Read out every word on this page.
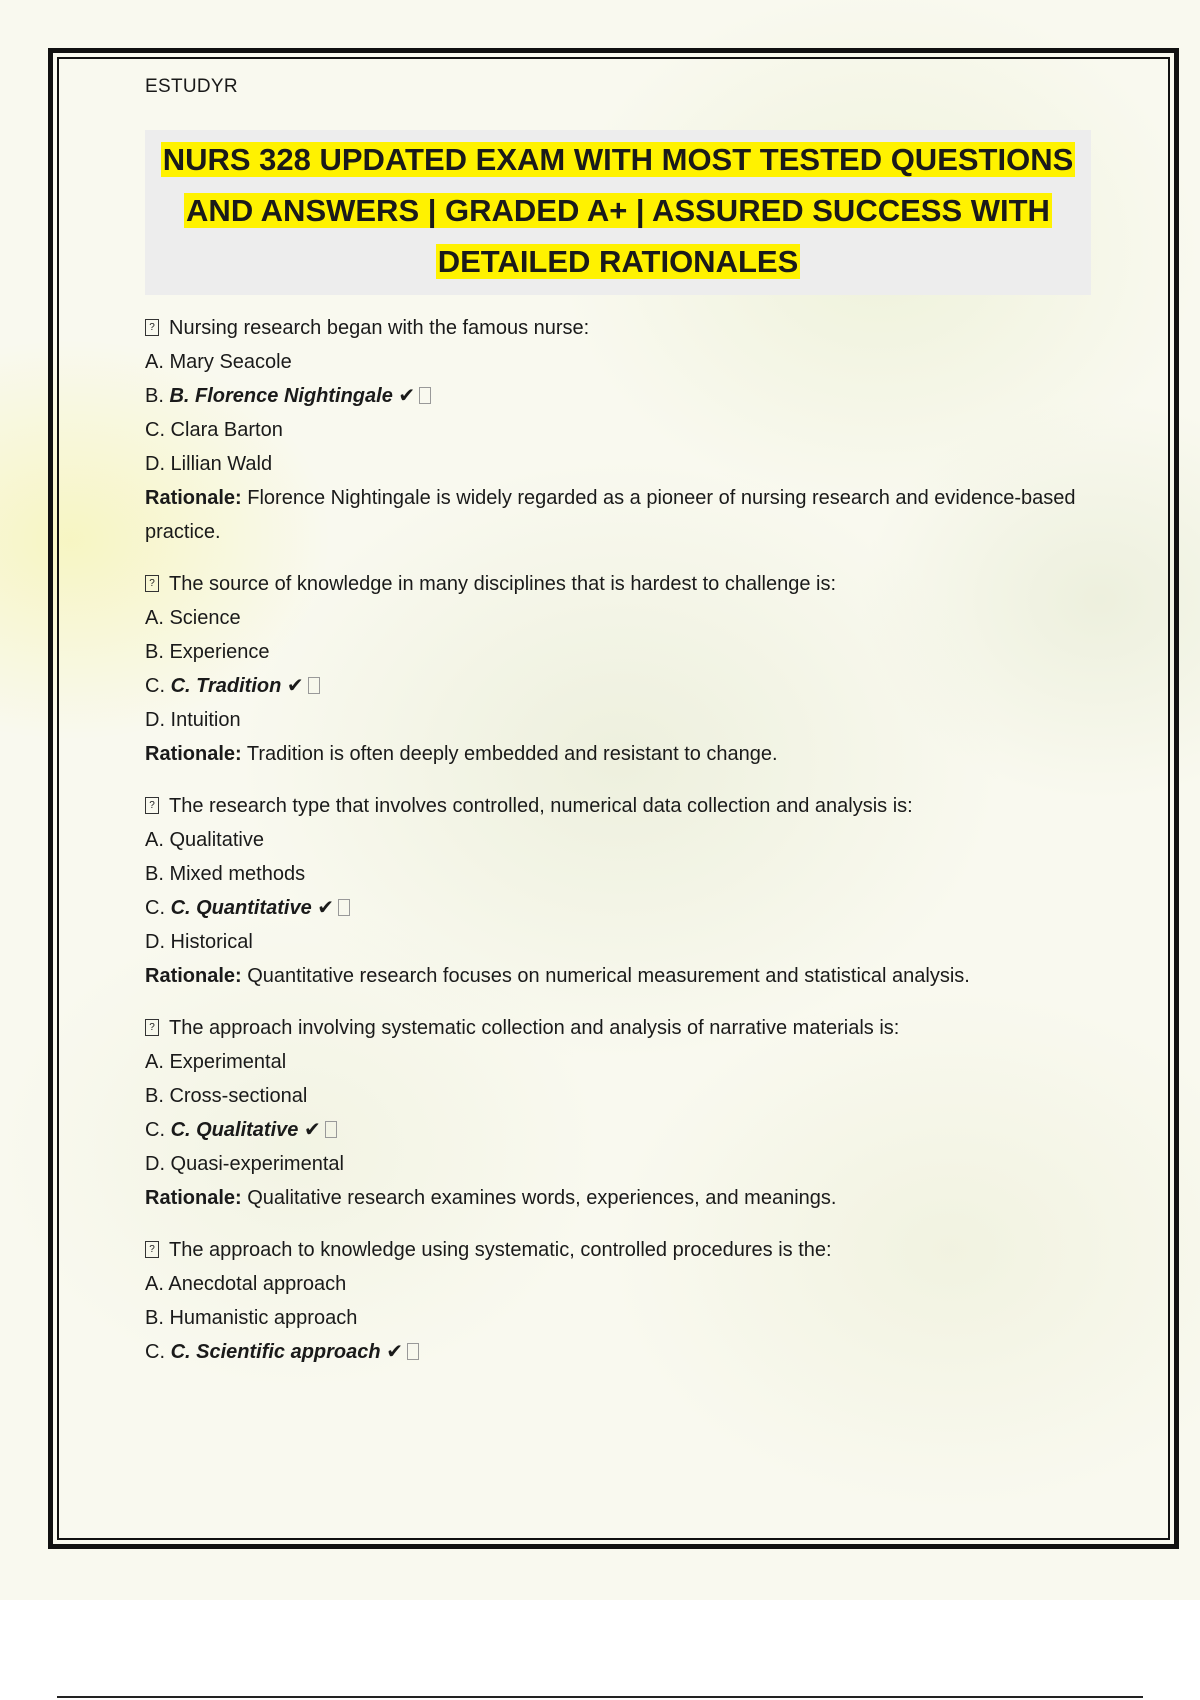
ESTUDYR
NURS 328 UPDATED EXAM WITH MOST TESTED QUESTIONS
AND ANSWERS | GRADED A+ | ASSURED SUCCESS WITH
DETAILED RATIONALES
? Nursing research began with the famous nurse:
A. Mary Seacole
B. B. Florence Nightingale ✔
C. Clara Barton
D. Lillian Wald
Rationale: Florence Nightingale is widely regarded as a pioneer of nursing research and evidence-based practice.
? The source of knowledge in many disciplines that is hardest to challenge is:
A. Science
B. Experience
C. C. Tradition ✔
D. Intuition
Rationale: Tradition is often deeply embedded and resistant to change.
? The research type that involves controlled, numerical data collection and analysis is:
A. Qualitative
B. Mixed methods
C. C. Quantitative ✔
D. Historical
Rationale: Quantitative research focuses on numerical measurement and statistical analysis.
? The approach involving systematic collection and analysis of narrative materials is:
A. Experimental
B. Cross-sectional
C. C. Qualitative ✔
D. Quasi-experimental
Rationale: Qualitative research examines words, experiences, and meanings.
? The approach to knowledge using systematic, controlled procedures is the:
A. Anecdotal approach
B. Humanistic approach
C. C. Scientific approach ✔
